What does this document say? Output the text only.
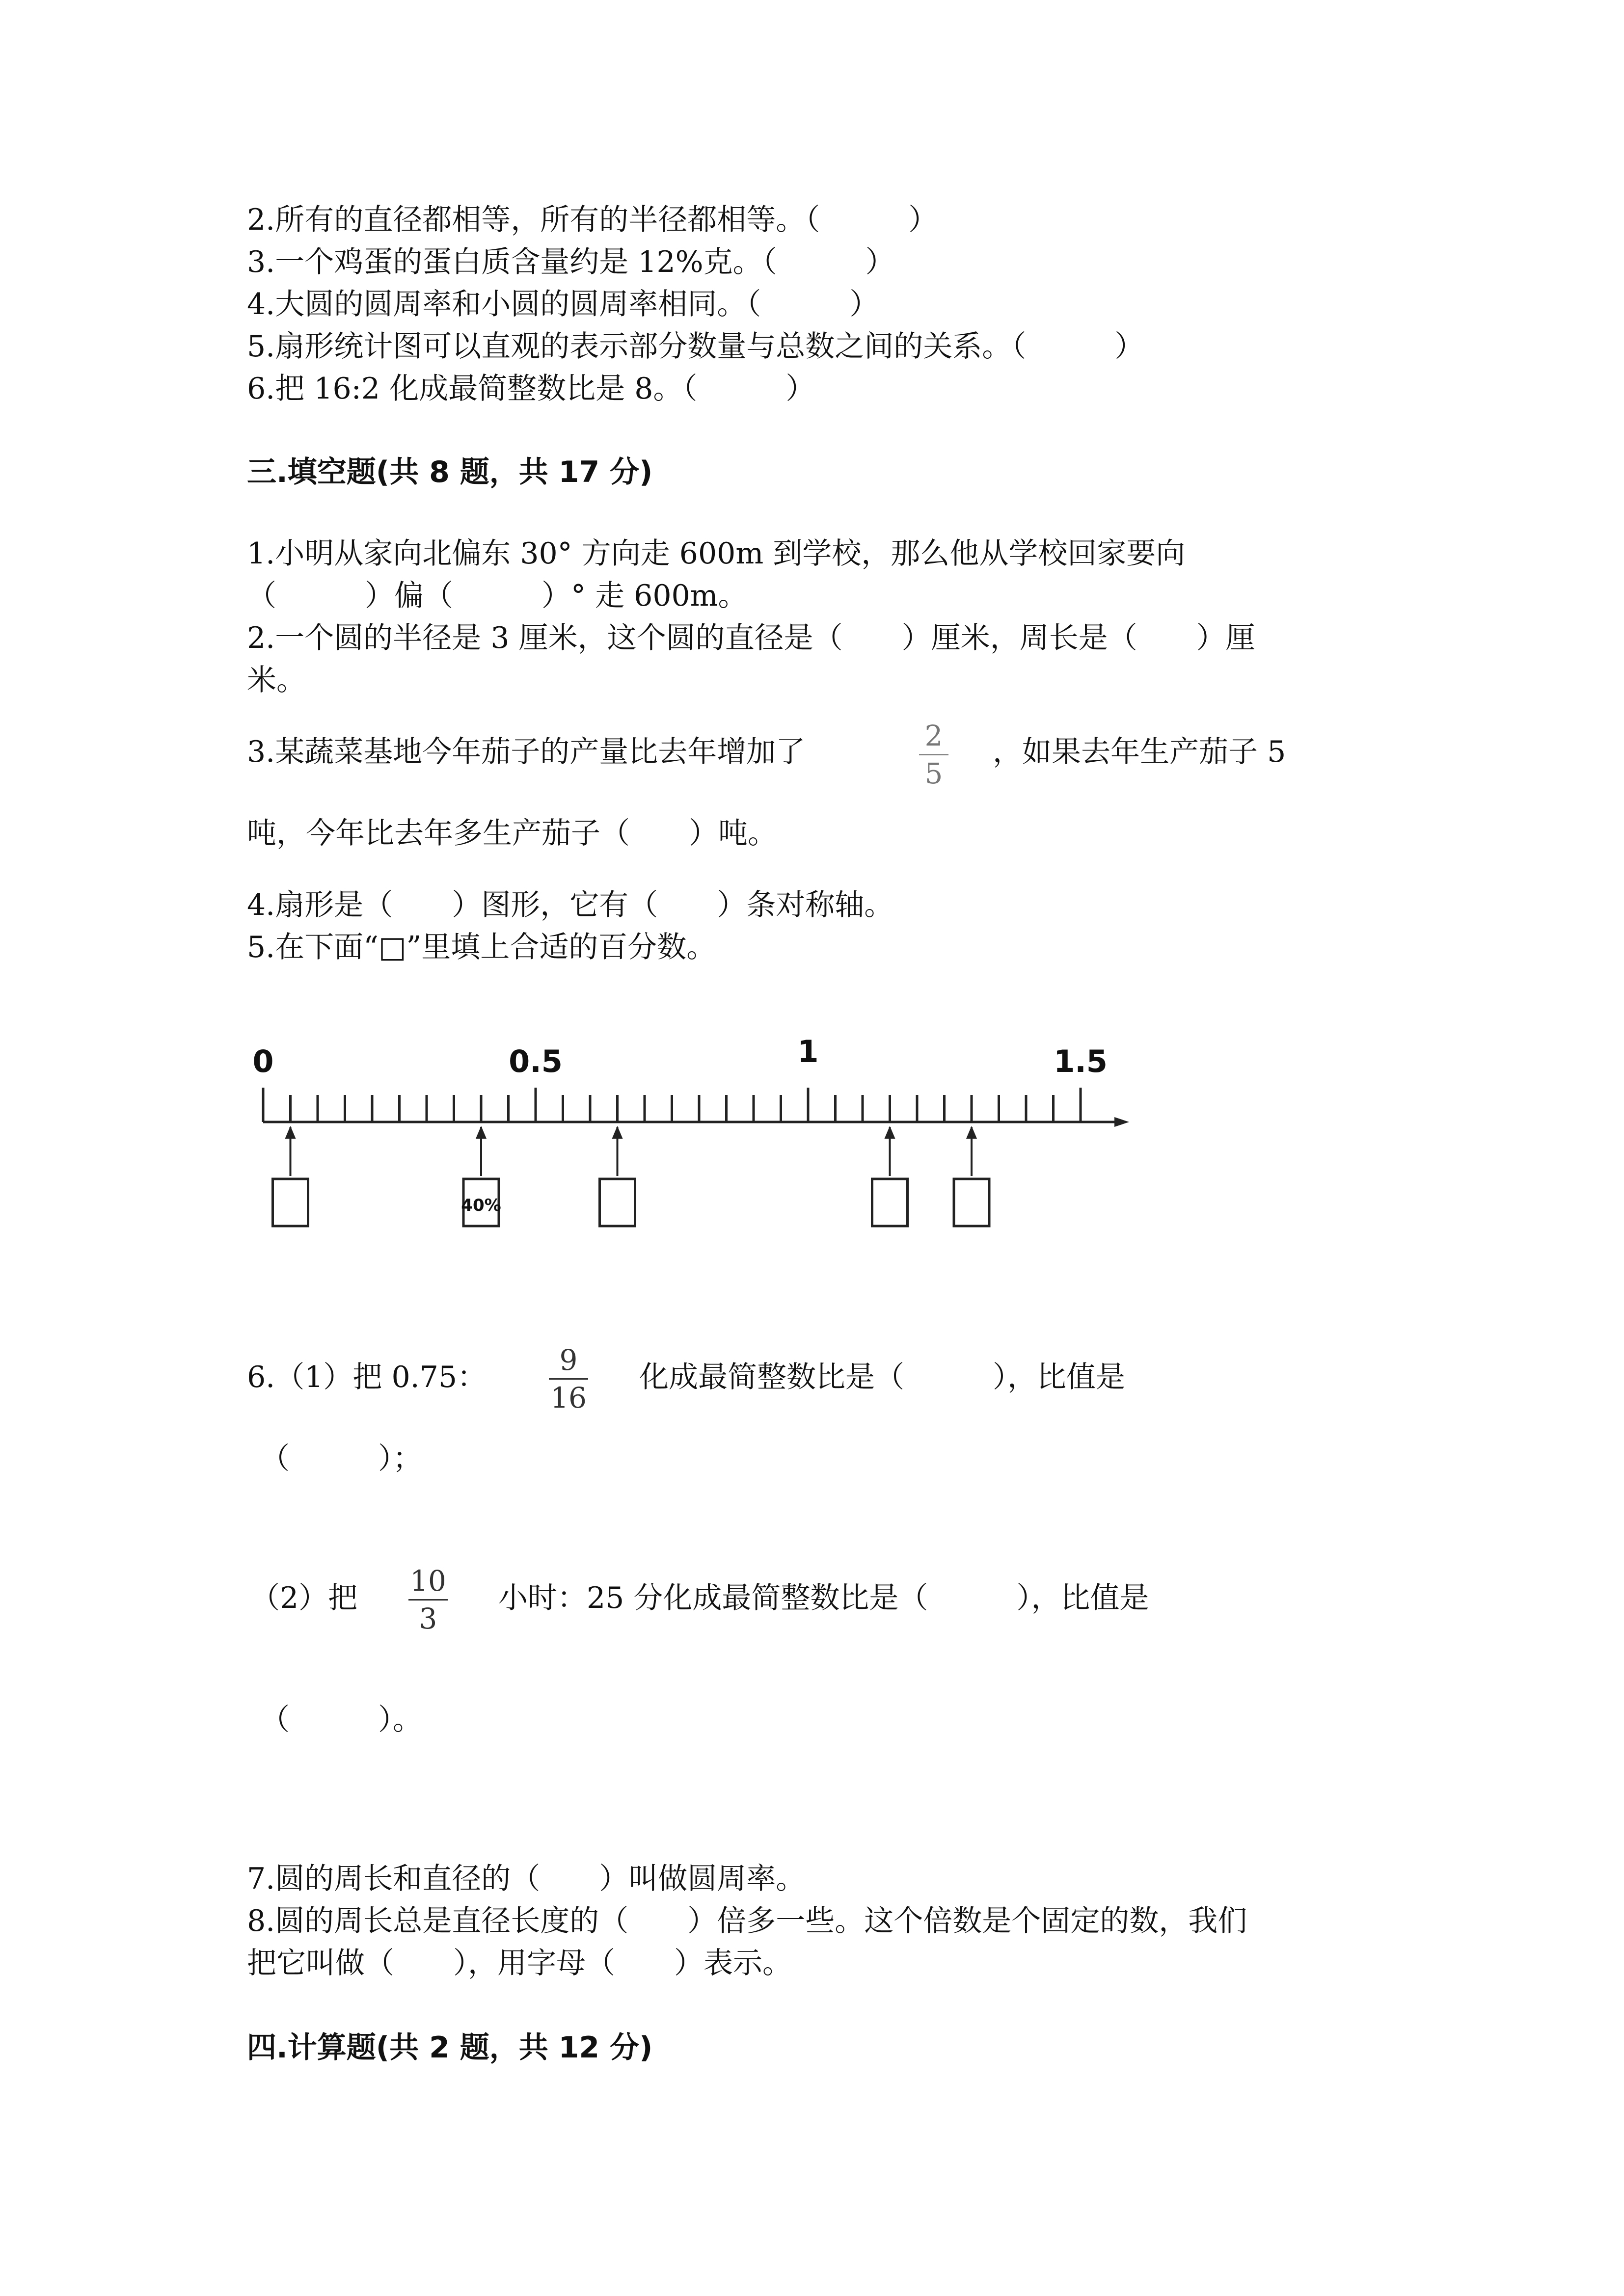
2.所有的直径都相等，所有的半径都相等。（　　　）
3.一个鸡蛋的蛋白质含量约是 12%克。（　　　）
4.大圆的圆周率和小圆的圆周率相同。（　　　）
5.扇形统计图可以直观的表示部分数量与总数之间的关系。（　　　）
6.把 16:2 化成最简整数比是 8。（　　　）
三.填空题(共 8 题，共 17 分)
1.小明从家向北偏东 30° 方向走 600m 到学校，那么他从学校回家要向
（　　　）偏（　　　）° 走 600m。
2.一个圆的半径是 3 厘米，这个圆的直径是（　　）厘米，周长是（　　）厘
米。
3.某蔬菜基地今年茄子的产量比去年增加了	2
5
，如果去年生产茄子 5
吨，今年比去年多生产茄子（　　）吨。
4.扇形是（　　）图形，它有（　　）条对称轴。
5.在下面“□”里填上合适的百分数。
0	0.5	1	1.5
40%
6.（1）把 0.75：	9
16
化成最简整数比是（　　　），比值是
（　　　）；
（2）把 10
3
小时：25 分化成最简整数比是（　　　），比值是
（　　　）。
7.圆的周长和直径的（　　）叫做圆周率。
8.圆的周长总是直径长度的（　　）倍多一些。这个倍数是个固定的数，我们
把它叫做（　　），用字母（　　）表示。
四.计算题(共 2 题，共 12 分)
